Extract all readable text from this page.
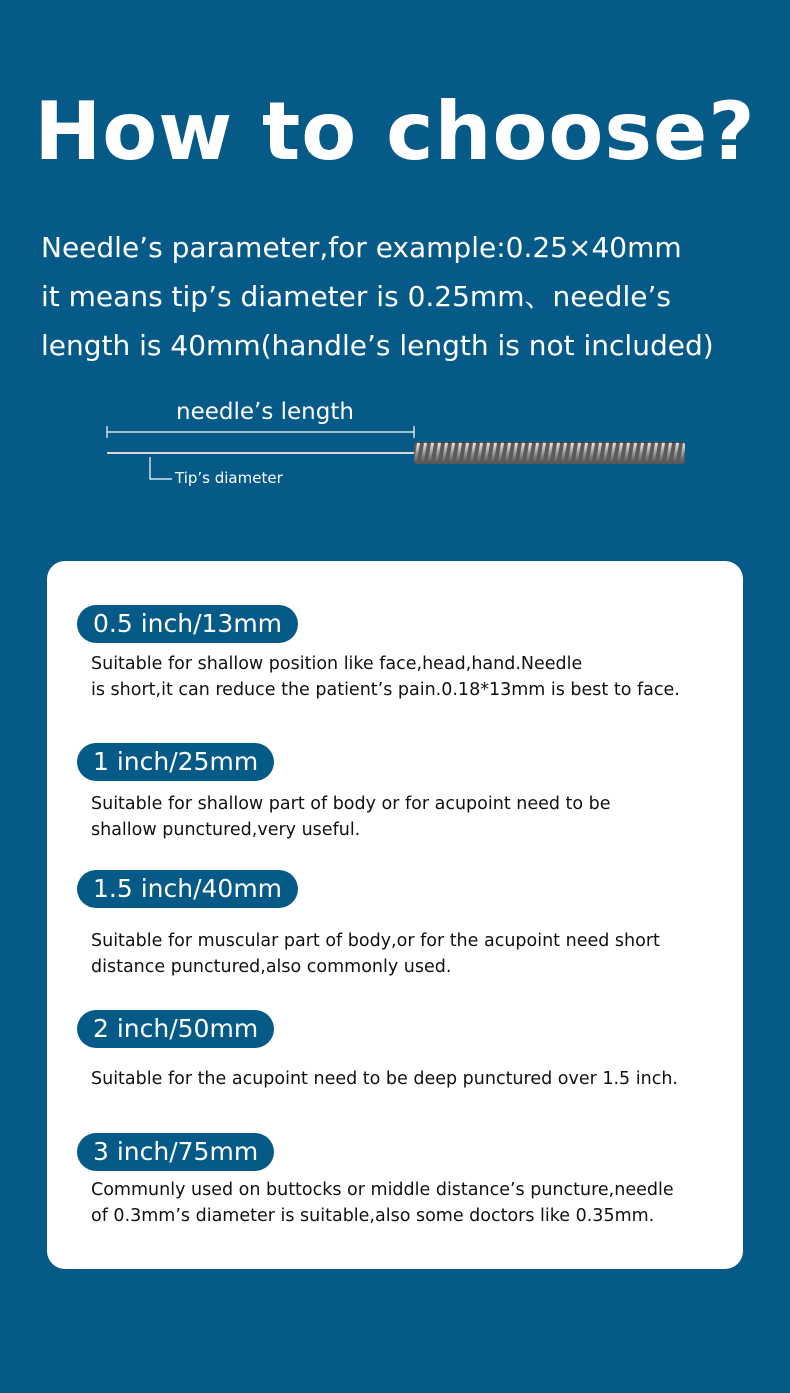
How to choose?
Needle’s parameter,for example:0.25×40mm
it means tip’s diameter is 0.25mm、needle’s
length is 40mm(handle’s length is not included)
needle’s length
Tip’s diameter
0.5 inch/13mm
Suitable for shallow position like face,head,hand.Needle
is short,it can reduce the patient’s pain.0.18*13mm is best to face.
1 inch/25mm
Suitable for shallow part of body or for acupoint need to be
shallow punctured,very useful.
1.5 inch/40mm
Suitable for muscular part of body,or for the acupoint need short
distance punctured,also commonly used.
2 inch/50mm
Suitable for the acupoint need to be deep punctured over 1.5 inch.
3 inch/75mm
Communly used on buttocks or middle distance’s puncture,needle
of 0.3mm’s diameter is suitable,also some doctors like 0.35mm.
